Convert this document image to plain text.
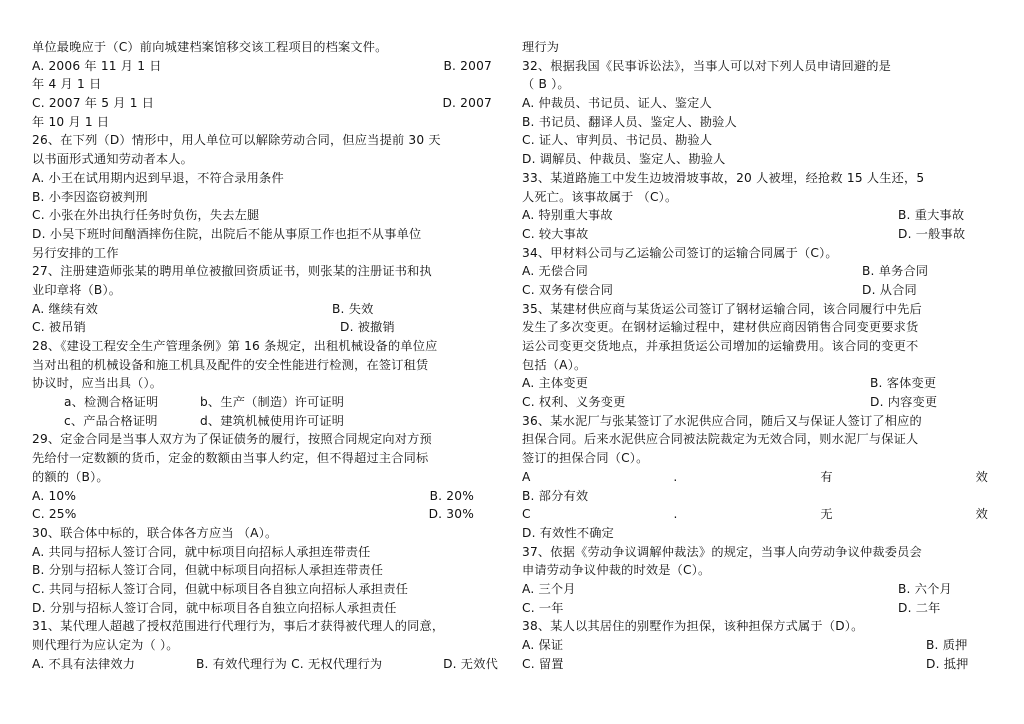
单位最晚应于（C）前向城建档案馆移交该工程项目的档案文件。
A. 2006 年 11 月 1 日	B. 2007
年 4 月 1 日
C. 2007 年 5 月 1 日	D. 2007
年 10 月 1 日
26、在下列（D）情形中，用人单位可以解除劳动合同，但应当提前 30 天
以书面形式通知劳动者本人。
A. 小王在试用期内迟到早退，不符合录用条件
B. 小李因盗窃被判刑
C. 小张在外出执行任务时负伤，失去左腿
D. 小吴下班时间酗酒摔伤住院，出院后不能从事原工作也拒不从事单位
另行安排的工作
27、注册建造师张某的聘用单位被撤回资质证书，则张某的注册证书和执
业印章将（B）。
A. 继续有效	B. 失效
C. 被吊销	D. 被撤销
28、《建设工程安全生产管理条例》第 16 条规定，出租机械设备的单位应
当对出租的机械设备和施工机具及配件的安全性能进行检测，在签订租赁
协议时，应当出具（）。
a、检测合格证明	b、生产（制造）许可证明
c、产品合格证明	d、建筑机械使用许可证明
29、定金合同是当事人双方为了保证债务的履行，按照合同规定向对方预
先给付一定数额的货币，定金的数额由当事人约定，但不得超过主合同标
的额的（B）。
A. 10%	B. 20%
C. 25%	D. 30%
30、联合体中标的，联合体各方应当 （A）。
A. 共同与招标人签订合同，就中标项目向招标人承担连带责任
B. 分别与招标人签订合同，但就中标项目向招标人承担连带责任
C. 共同与招标人签订合同，但就中标项目各自独立向招标人承担责任
D. 分别与招标人签订合同，就中标项目各自独立向招标人承担责任
31、某代理人超越了授权范围进行代理行为，事后才获得被代理人的同意，
则代理行为应认定为（ ）。
A. 不具有法律效力	B. 有效代理行为 C. 无权代理行为	D. 无效代
理行为
32、根据我国《民事诉讼法》，当事人可以对下列人员申请回避的是
（ B ）。
A. 仲裁员、书记员、证人、鉴定人
B. 书记员、翻译人员、鉴定人、勘验人
C. 证人、审判员、书记员、勘验人
D. 调解员、仲裁员、鉴定人、勘验人
33、某道路施工中发生边坡滑坡事故，20 人被埋，经抢救 15 人生还，5
人死亡。该事故属于 （C）。
A. 特别重大事故	B. 重大事故
C. 较大事故	D. 一般事故
34、甲材料公司与乙运输公司签订的运输合同属于（C）。
A. 无偿合同	B. 单务合同
C. 双务有偿合同	D. 从合同
35、某建材供应商与某货运公司签订了钢材运输合同，该合同履行中先后
发生了多次变更。在钢材运输过程中，建材供应商因销售合同变更要求货
运公司变更交货地点，并承担货运公司增加的运输费用。该合同的变更不
包括（A）。
A. 主体变更	B. 客体变更
C. 权利、义务变更	D. 内容变更
36、某水泥厂与张某签订了水泥供应合同，随后又与保证人签订了相应的
担保合同。后来水泥供应合同被法院裁定为无效合同，则水泥厂与保证人
签订的担保合同（C）。
A	.	有	效
B. 部分有效
C	.	无	效
D. 有效性不确定
37、依据《劳动争议调解仲裁法》的规定，当事人向劳动争议仲裁委员会
申请劳动争议仲裁的时效是（C）。
A. 三个月	B. 六个月
C. 一年	D. 二年
38、某人以其居住的别墅作为担保，该种担保方式属于（D）。
A. 保证	B. 质押
C. 留置	D. 抵押
